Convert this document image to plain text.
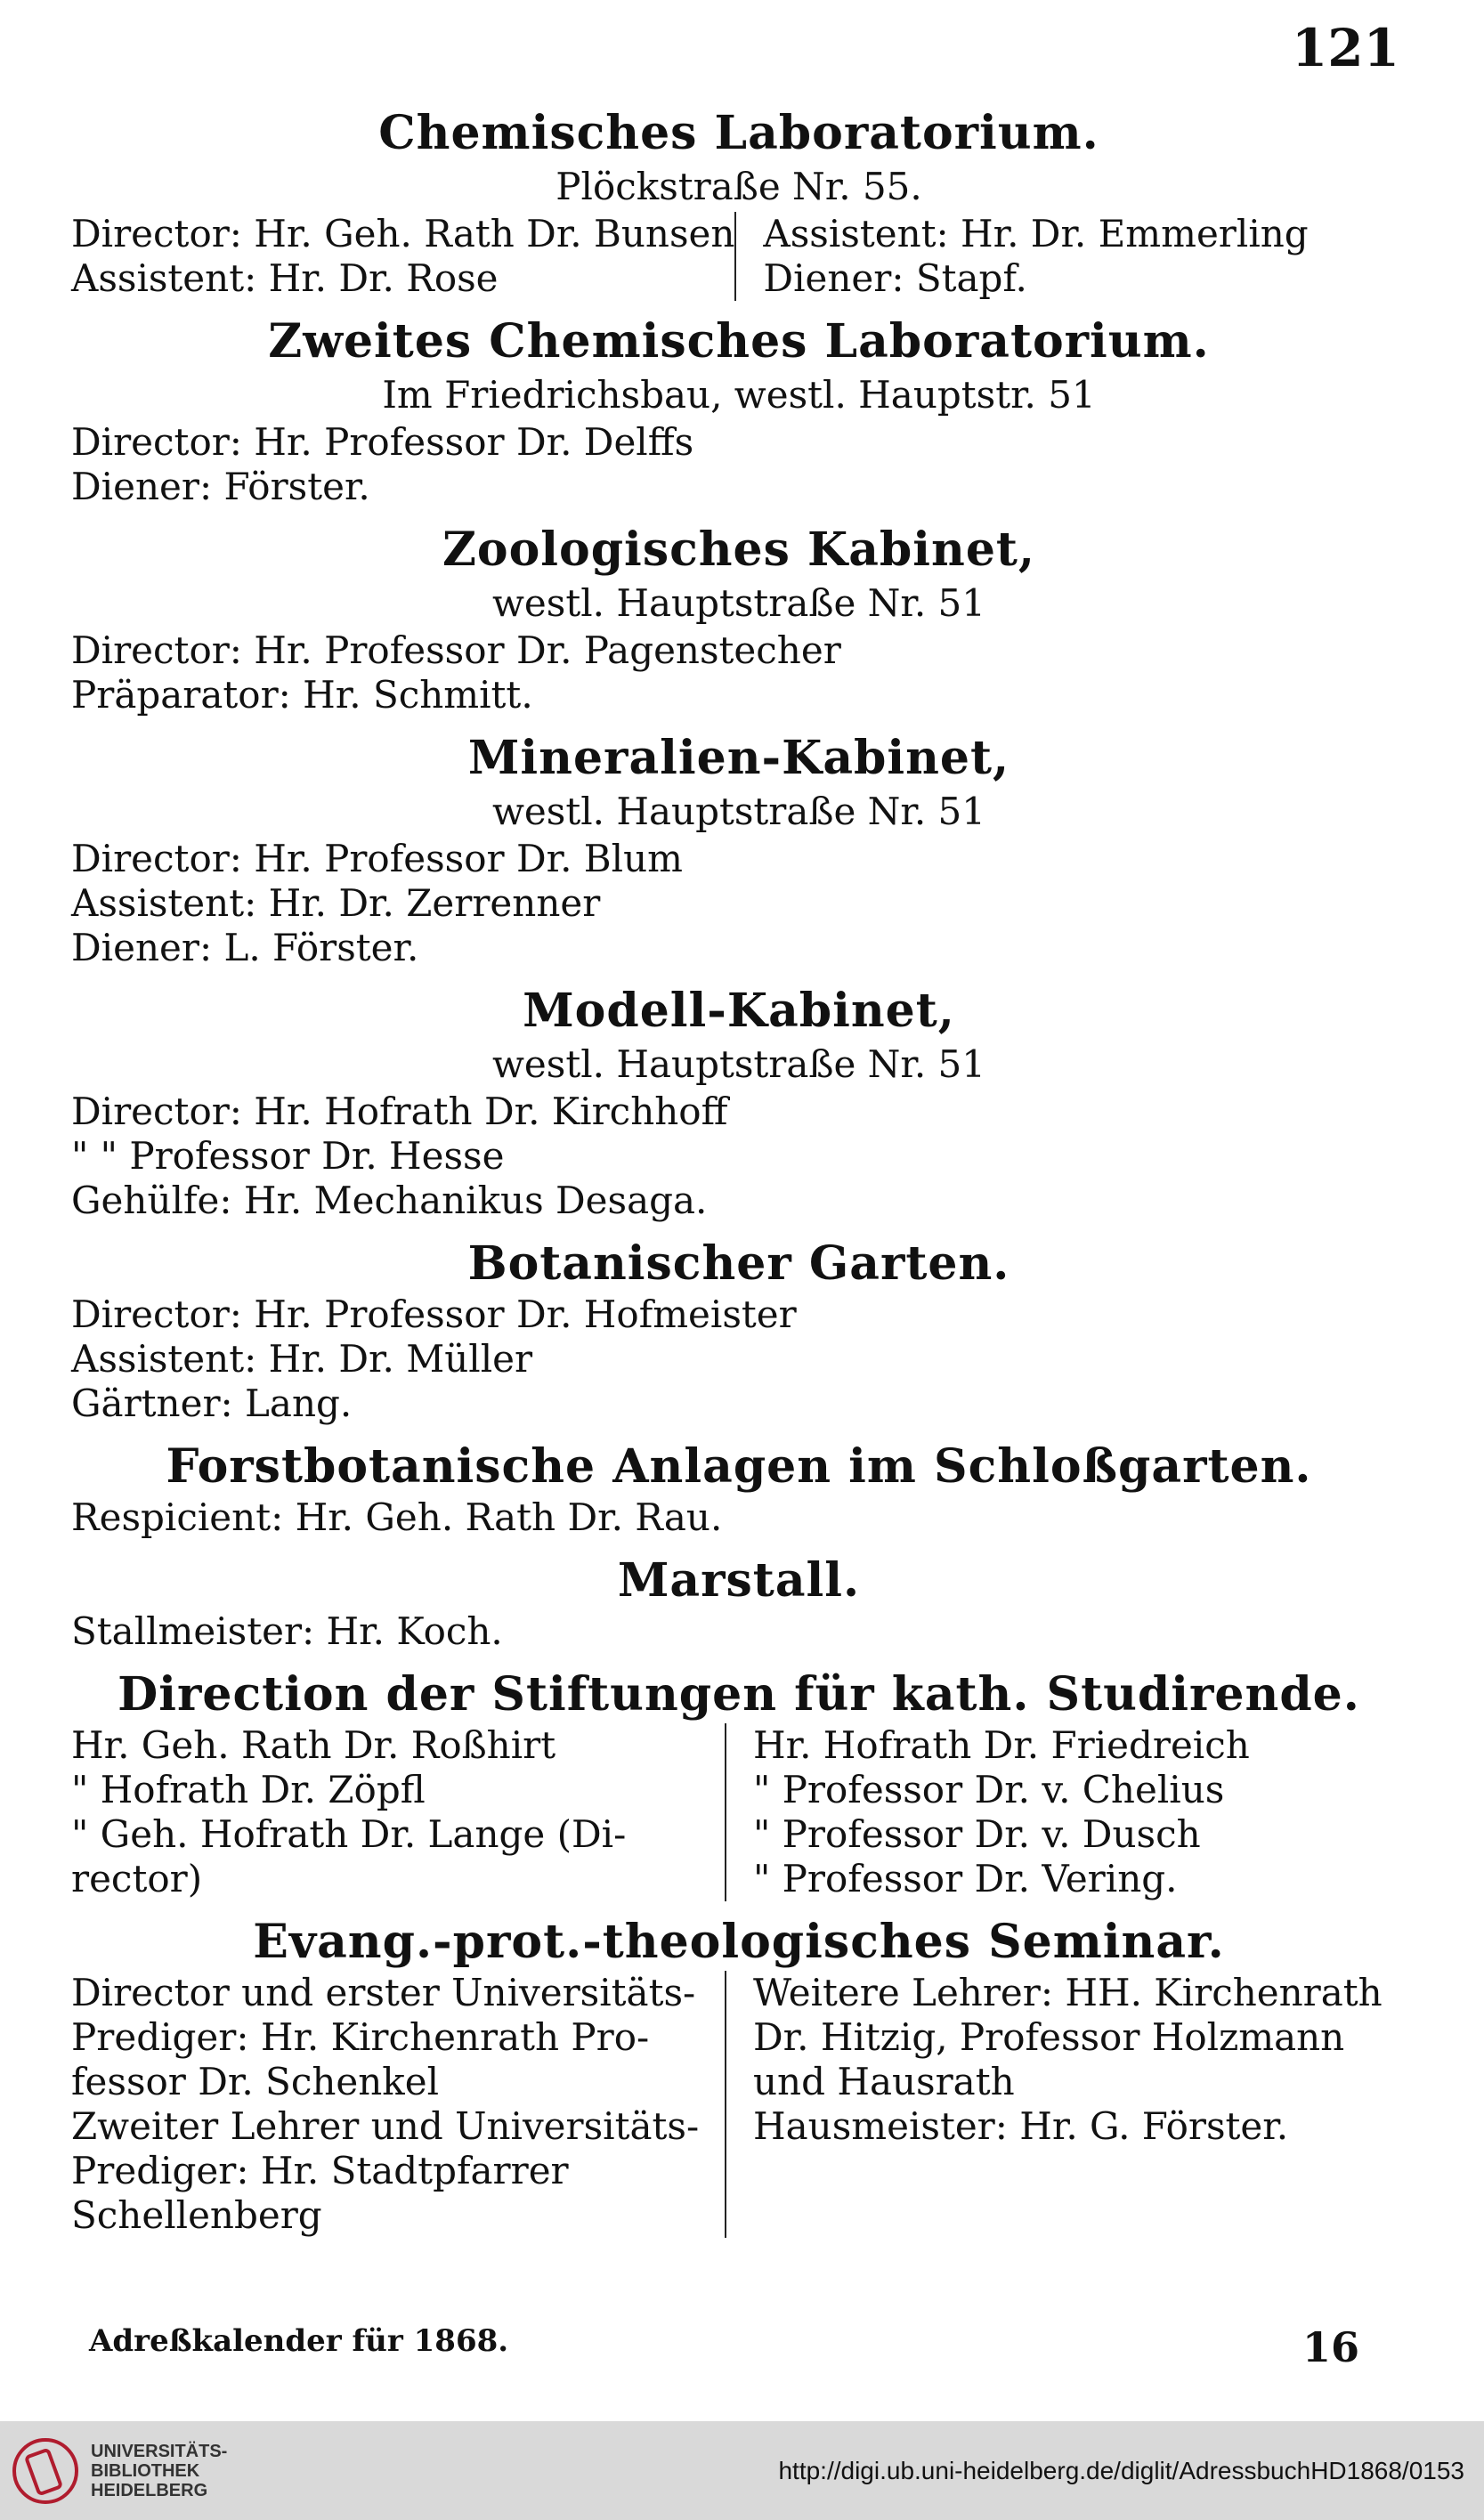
121

Chemisches Laboratorium.

Plöckstraße Nr. 55.

Director: Hr. Geh. Rath Dr. Bunsen

Assistent: Hr. Dr. Rose

Assistent: Hr. Dr. Emmerling

Diener: Stapf.

Zweites Chemisches Laboratorium.

Im Friedrichsbau, westl. Hauptstr. 51

Director: Hr. Professor Dr. Delffs

Diener: Förster.

Zoologisches Kabinet,

westl. Hauptstraße Nr. 51

Director: Hr. Professor Dr. Pagenstecher

Präparator: Hr. Schmitt.

Mineralien-Kabinet,

westl. Hauptstraße Nr. 51

Director: Hr. Professor Dr. Blum

Assistent: Hr. Dr. Zerrenner

Diener: L. Förster.

Modell-Kabinet,

westl. Hauptstraße Nr. 51

Director: Hr. Hofrath Dr. Kirchhoff

" " Professor Dr. Hesse

Gehülfe: Hr. Mechanikus Desaga.

Botanischer Garten.

Director: Hr. Professor Dr. Hofmeister

Assistent: Hr. Dr. Müller

Gärtner: Lang.

Forstbotanische Anlagen im Schloßgarten.

Respicient: Hr. Geh. Rath Dr. Rau.

Marstall.

Stallmeister: Hr. Koch.

Direction der Stiftungen für kath. Studirende.

Hr. Geh. Rath Dr. Roßhirt

" Hofrath Dr. Zöpfl

" Geh. Hofrath Dr. Lange (Di-

rector)

Hr. Hofrath Dr. Friedreich

" Professor Dr. v. Chelius

" Professor Dr. v. Dusch

" Professor Dr. Vering.

Evang.-prot.-theologisches Seminar.

Director und erster Universitäts-

Prediger: Hr. Kirchenrath Pro-

fessor Dr. Schenkel

Zweiter Lehrer und Universitäts-

Prediger: Hr. Stadtpfarrer

Schellenberg

Weitere Lehrer: HH. Kirchenrath

Dr. Hitzig, Professor Holzmann

und Hausrath

Hausmeister: Hr. G. Förster.

Adreßkalender für 1868.	16
UNIVERSITÄTS-
BIBLIOTHEK
HEIDELBERG
http://digi.ub.uni-heidelberg.de/diglit/AdressbuchHD1868/0153
